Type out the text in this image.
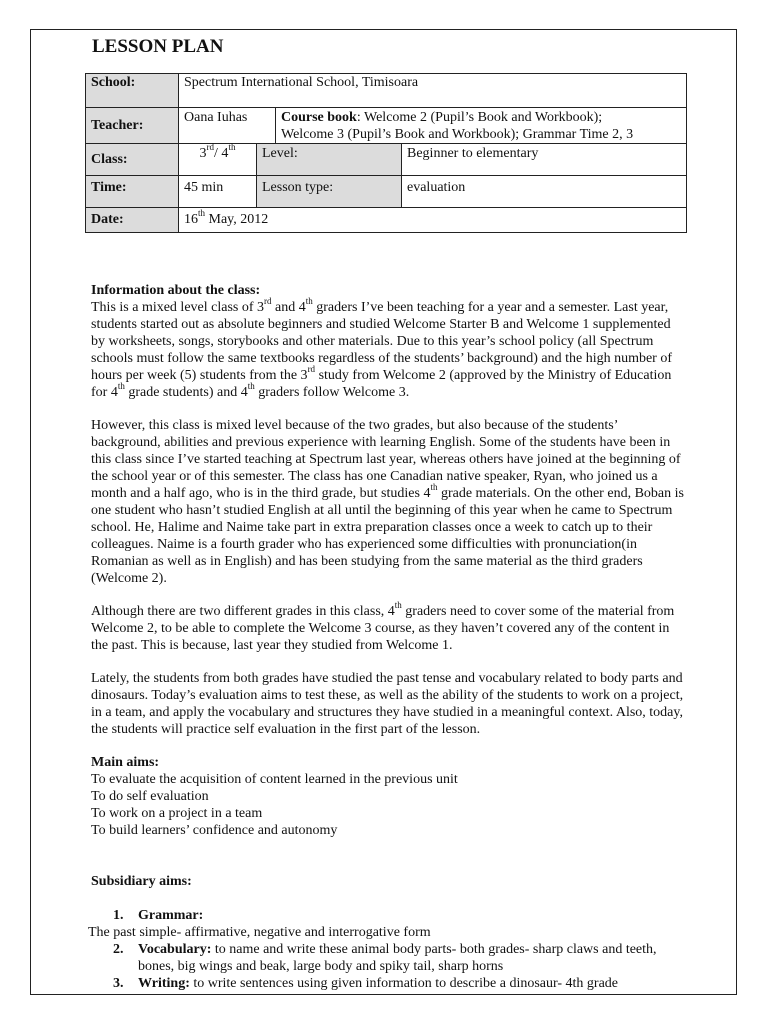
LESSON PLAN
School:	Spectrum International School, Timisoara			
Teacher:	Oana Iuhas		Course book: Welcome 2 (Pupil’s Book and Workbook);
Welcome 3 (Pupil’s Book and Workbook); Grammar Time 2, 3	
Class:	3rd/ 4th	Level:		Beginner to elementary
Time:	45 min	Lesson type:		evaluation
Date:	16th May, 2012			
Information about the class:

This is a mixed level class of 3rd and 4th graders I’ve been teaching for a year and a semester. Last year, students started out as absolute beginners and studied Welcome Starter B and Welcome 1 supplemented by worksheets, songs, storybooks and other materials. Due to this year’s school policy (all Spectrum schools must follow the same textbooks regardless of the students’ background) and the high number of hours per week (5) students from the 3rd study from Welcome 2 (approved by the Ministry of Education for 4th grade students) and 4th graders follow Welcome 3.

However, this class is mixed level because of the two grades, but also because of the students’ background, abilities and previous experience with learning English. Some of the students have been in this class since I’ve started teaching at Spectrum last year, whereas others have joined at the beginning of the school year or of this semester. The class has one Canadian native speaker, Ryan, who joined us a month and a half ago, who is in the third grade, but studies 4th grade materials. On the other end, Boban is one student who hasn’t studied English at all until the beginning of this year when he came to Spectrum school. He, Halime and Naime take part in extra preparation classes once a week to catch up to their colleagues. Naime is a fourth grader who has experienced some difficulties with pronunciation(in Romanian as well as in English) and has been studying from the same material as the third graders (Welcome 2).

Although there are two different grades in this class, 4th graders need to cover some of the material from Welcome 2, to be able to complete the Welcome 3 course, as they haven’t covered any of the content in the past. This is because, last year they studied from Welcome 1.

Lately, the students from both grades have studied the past tense and vocabulary related to body parts and dinosaurs. Today’s evaluation aims to test these, as well as the ability of the students to work on a project, in a team, and apply the vocabulary and structures they have studied in a meaningful context. Also, today, the students will practice self evaluation in the first part of the lesson.

Main aims:
To evaluate the acquisition of content learned in the previous unit
To do self evaluation
To work on a project in a team
To build learners’ confidence and autonomy
Subsidiary aims:
1. Grammar:
The past simple- affirmative, negative and interrogative form
2. Vocabulary: to name and write these animal body parts- both grades- sharp claws and teeth, bones, big wings and beak, large body and spiky tail, sharp horns
3. Writing: to write sentences using given information to describe a dinosaur- 4th grade
